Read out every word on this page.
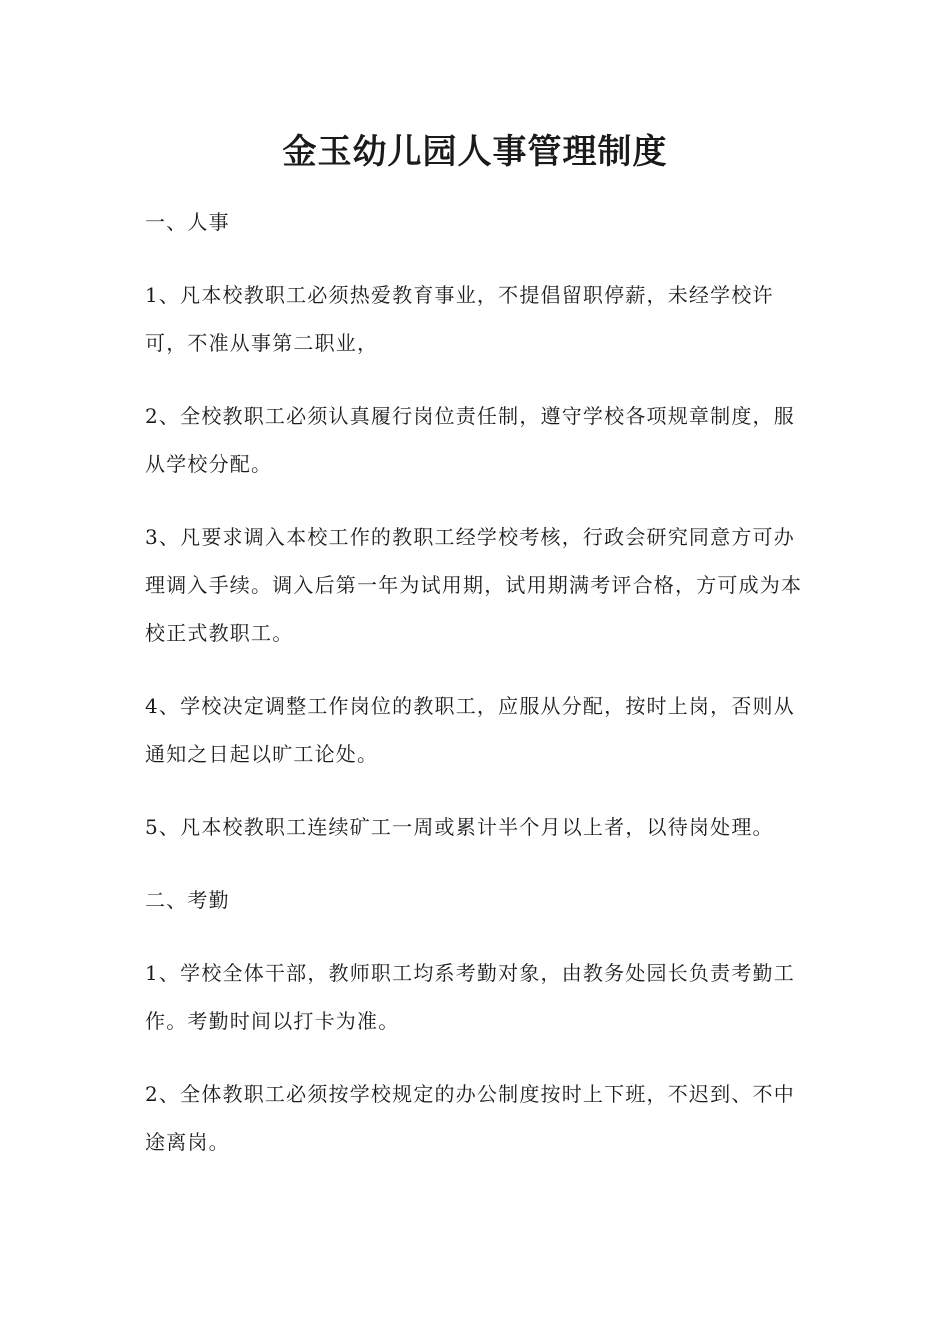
金玉幼儿园人事管理制度

一、人事

1、凡本校教职工必须热爱教育事业，不提倡留职停薪，未经学校许可，不准从事第二职业，

2、全校教职工必须认真履行岗位责任制，遵守学校各项规章制度，服从学校分配。

3、凡要求调入本校工作的教职工经学校考核，行政会研究同意方可办理调入手续。调入后第一年为试用期，试用期满考评合格，方可成为本校正式教职工。

4、学校决定调整工作岗位的教职工，应服从分配，按时上岗，否则从通知之日起以旷工论处。

5、凡本校教职工连续矿工一周或累计半个月以上者，以待岗处理。

二、考勤

1、学校全体干部，教师职工均系考勤对象，由教务处园长负责考勤工作。考勤时间以打卡为准。

2、全体教职工必须按学校规定的办公制度按时上下班，不迟到、不中途离岗。
